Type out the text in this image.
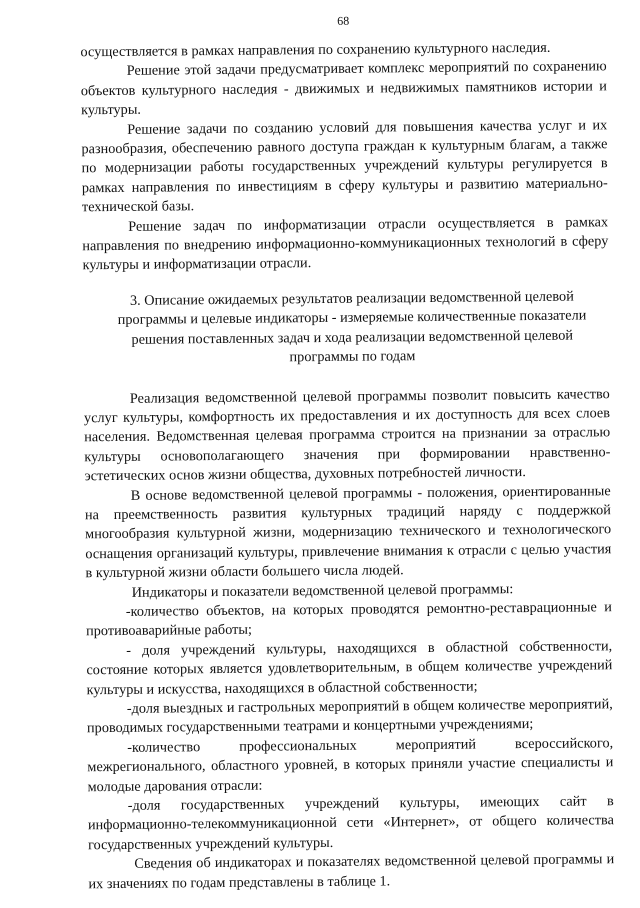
68

осуществляется в рамках направления по сохранению культурного наследия.

Решение этой задачи предусматривает комплекс мероприятий по сохранению объектов культурного наследия - движимых и недвижимых памятников истории и культуры.

Решение задачи по созданию условий для повышения качества услуг и их разнообразия, обеспечению равного доступа граждан к культурным благам, а также по модернизации работы государственных учреждений культуры регулируется в рамках направления по инвестициям в сферу культуры и развитию материально-технической базы.

Решение задач по информатизации отрасли осуществляется в рамках направления по внедрению информационно-коммуникационных технологий в сферу культуры и информатизации отрасли.

3. Описание ожидаемых результатов реализации ведомственной целевой программы и целевые индикаторы - измеряемые количественные показатели решения поставленных задач и хода реализации ведомственной целевой программы по годам

Реализация ведомственной целевой программы позволит повысить качество услуг культуры, комфортность их предоставления и их доступность для всех слоев населения. Ведомственная целевая программа строится на признании за отраслью культуры основополагающего значения при формировании нравственно-эстетических основ жизни общества, духовных потребностей личности.

В основе ведомственной целевой программы - положения, ориентированные на преемственность развития культурных традиций наряду с поддержкой многообразия культурной жизни, модернизацию технического и технологического оснащения организаций культуры, привлечение внимания к отрасли с целью участия в культурной жизни области большего числа людей.

Индикаторы и показатели ведомственной целевой программы:

-количество объектов, на которых проводятся ремонтно-реставрационные и противоаварийные работы;

- доля учреждений культуры, находящихся в областной собственности, состояние которых является удовлетворительным, в общем количестве учреждений культуры и искусства, находящихся в областной собственности;

-доля выездных и гастрольных мероприятий в общем количестве мероприятий, проводимых государственными театрами и концертными учреждениями;

-количество профессиональных мероприятий всероссийского, межрегионального, областного уровней, в которых приняли участие специалисты и молодые дарования отрасли:

-доля государственных учреждений культуры, имеющих сайт в информационно-телекоммуникационной сети «Интернет», от общего количества государственных учреждений культуры.

Сведения об индикаторах и показателях ведомственной целевой программы и их значениях по годам представлены в таблице 1.
